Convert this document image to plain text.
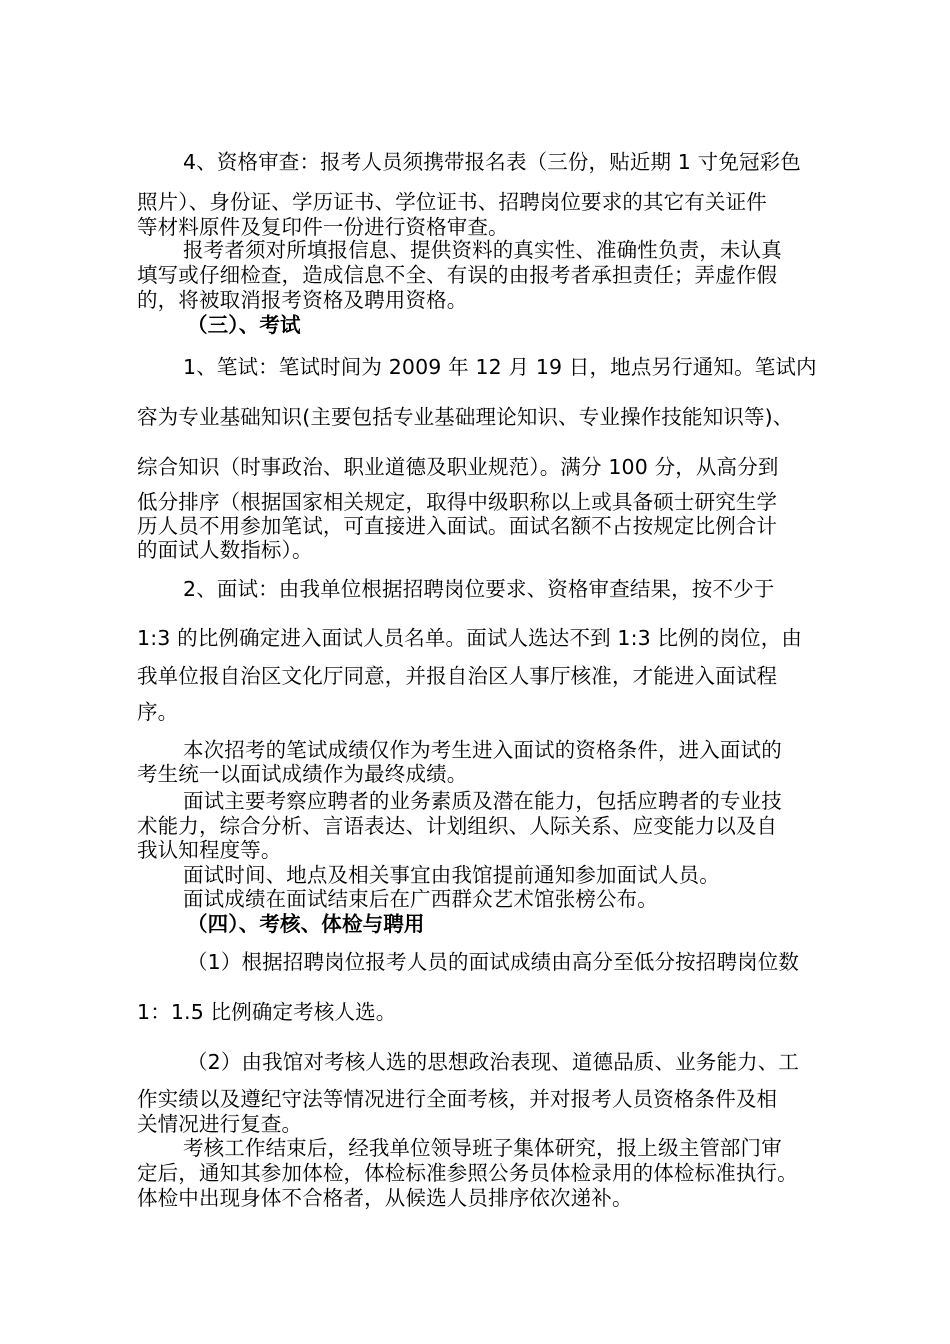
4、资格审查：报考人员须携带报名表（三份，贴近期 1 寸免冠彩色
照片）、身份证、学历证书、学位证书、招聘岗位要求的其它有关证件
等材料原件及复印件一份进行资格审查。
报考者须对所填报信息、提供资料的真实性、准确性负责，未认真
填写或仔细检查，造成信息不全、有误的由报考者承担责任；弄虚作假
的，将被取消报考资格及聘用资格。
（三）、考试
1、笔试：笔试时间为 2009 年 12 月 19 日，地点另行通知。笔试内
容为专业基础知识(主要包括专业基础理论知识、专业操作技能知识等)、
综合知识（时事政治、职业道德及职业规范）。满分 100 分，从高分到
低分排序（根据国家相关规定，取得中级职称以上或具备硕士研究生学
历人员不用参加笔试，可直接进入面试。面试名额不占按规定比例合计
的面试人数指标）。
2、面试：由我单位根据招聘岗位要求、资格审查结果，按不少于
1:3 的比例确定进入面试人员名单。面试人选达不到 1:3 比例的岗位，由
我单位报自治区文化厅同意，并报自治区人事厅核准，才能进入面试程
序。
本次招考的笔试成绩仅作为考生进入面试的资格条件，进入面试的
考生统一以面试成绩作为最终成绩。
面试主要考察应聘者的业务素质及潜在能力，包括应聘者的专业技
术能力，综合分析、言语表达、计划组织、人际关系、应变能力以及自
我认知程度等。
面试时间、地点及相关事宜由我馆提前通知参加面试人员。
面试成绩在面试结束后在广西群众艺术馆张榜公布。
（四）、考核、体检与聘用
（1）根据招聘岗位报考人员的面试成绩由高分至低分按招聘岗位数
1：1.5 比例确定考核人选。
（2）由我馆对考核人选的思想政治表现、道德品质、业务能力、工
作实绩以及遵纪守法等情况进行全面考核，并对报考人员资格条件及相
关情况进行复查。
考核工作结束后，经我单位领导班子集体研究，报上级主管部门审
定后，通知其参加体检，体检标准参照公务员体检录用的体检标准执行。
体检中出现身体不合格者，从候选人员排序依次递补。
